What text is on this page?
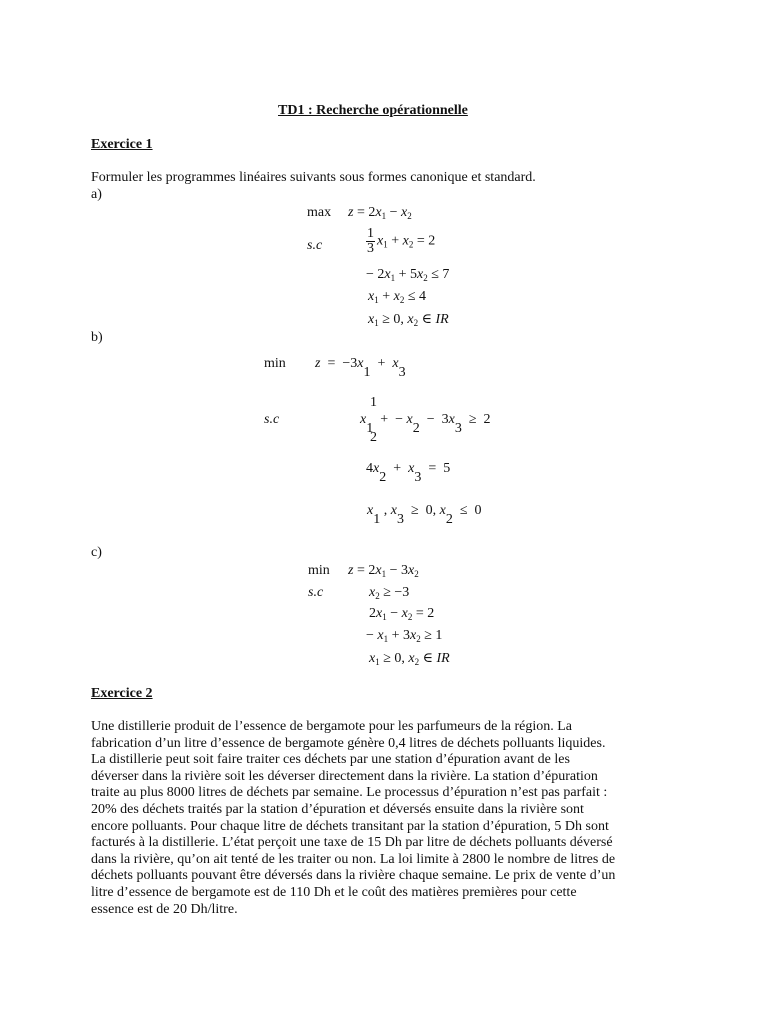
TD1 : Recherche opérationnelle
Exercice 1
Formuler les programmes linéaires suivants sous formes canonique et standard.
a)
$\max z = 2x_1 - x_2$
s.c	$\frac{1}{3} x_1 + x_2 = 2$
− $2x_1 + 5x_2 \le 7$
$x_1 + x_2 \le 4$
$x_1 \ge 0$, $x_2$ ∈ IR
b)
min z  =  −3x1  +  x3
s.c
1
x1  +  − x2  −  3x3  ≥  2
2
4x2  +  x3  =  5
x1 , x3  ≥  0, x2  ≤  0
c)
$\min z = 2x_1 - 3x_2$
s.c	$x_2 \ge -3$
$2x_1 - x_2 = 2$
− $x_1 + 3x_2 \ge 1$
$x_1 \ge 0$, $x_2$ ∈ IR
Exercice 2
Une distillerie produit de l’essence de bergamote pour les parfumeurs de la région. La
fabrication d’un litre d’essence de bergamote génère 0,4 litres de déchets polluants liquides.
La distillerie peut soit faire traiter ces déchets par une station d’épuration avant de les
déverser dans la rivière soit les déverser directement dans la rivière. La station d’épuration
traite au plus 8000 litres de déchets par semaine. Le processus d’épuration n’est pas parfait :
20% des déchets traités par la station d’épuration et déversés ensuite dans la rivière sont
encore polluants. Pour chaque litre de déchets transitant par la station d’épuration, 5 Dh sont
facturés à la distillerie. L’état perçoit une taxe de 15 Dh par litre de déchets polluants déversé
dans la rivière, qu’on ait tenté de les traiter ou non. La loi limite à 2800 le nombre de litres de
déchets polluants pouvant être déversés dans la rivière chaque semaine. Le prix de vente d’un
litre d’essence de bergamote est de 110 Dh et le coût des matières premières pour cette
essence est de 20 Dh/litre.
